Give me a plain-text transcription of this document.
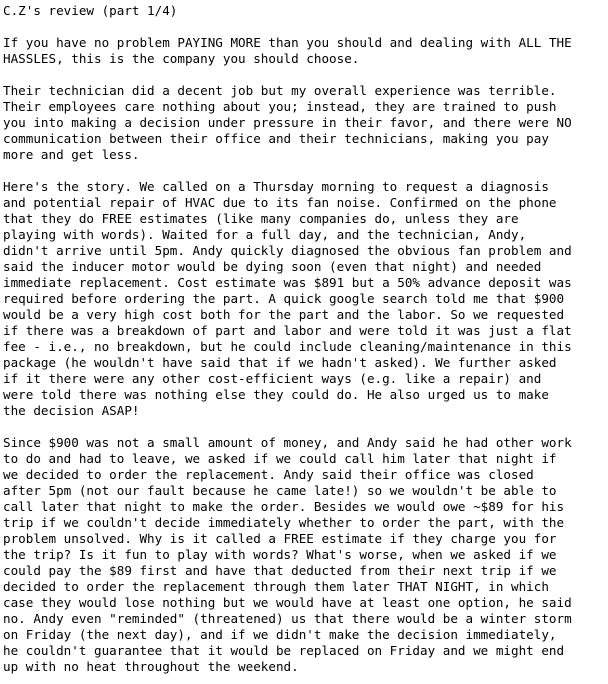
C.Z's review (part 1/4)
If you have no problem PAYING MORE than you should and dealing with ALL THE
HASSLES, this is the company you should choose.
Their technician did a decent job but my overall experience was terrible.
Their employees care nothing about you; instead, they are trained to push
you into making a decision under pressure in their favor, and there were NO
communication between their office and their technicians, making you pay
more and get less.
Here's the story. We called on a Thursday morning to request a diagnosis
and potential repair of HVAC due to its fan noise. Confirmed on the phone
that they do FREE estimates (like many companies do, unless they are
playing with words). Waited for a full day, and the technician, Andy,
didn't arrive until 5pm. Andy quickly diagnosed the obvious fan problem and
said the inducer motor would be dying soon (even that night) and needed
immediate replacement. Cost estimate was $891 but a 50% advance deposit was
required before ordering the part. A quick google search told me that $900
would be a very high cost both for the part and the labor. So we requested
if there was a breakdown of part and labor and were told it was just a flat
fee - i.e., no breakdown, but he could include cleaning/maintenance in this
package (he wouldn't have said that if we hadn't asked). We further asked
if it there were any other cost-efficient ways (e.g. like a repair) and
were told there was nothing else they could do. He also urged us to make
the decision ASAP!
Since $900 was not a small amount of money, and Andy said he had other work
to do and had to leave, we asked if we could call him later that night if
we decided to order the replacement. Andy said their office was closed
after 5pm (not our fault because he came late!) so we wouldn't be able to
call later that night to make the order. Besides we would owe ~$89 for his
trip if we couldn't decide immediately whether to order the part, with the
problem unsolved. Why is it called a FREE estimate if they charge you for
the trip? Is it fun to play with words? What's worse, when we asked if we
could pay the $89 first and have that deducted from their next trip if we
decided to order the replacement through them later THAT NIGHT, in which
case they would lose nothing but we would have at least one option, he said
no. Andy even "reminded" (threatened) us that there would be a winter storm
on Friday (the next day), and if we didn't make the decision immediately,
he couldn't guarantee that it would be replaced on Friday and we might end
up with no heat throughout the weekend.
